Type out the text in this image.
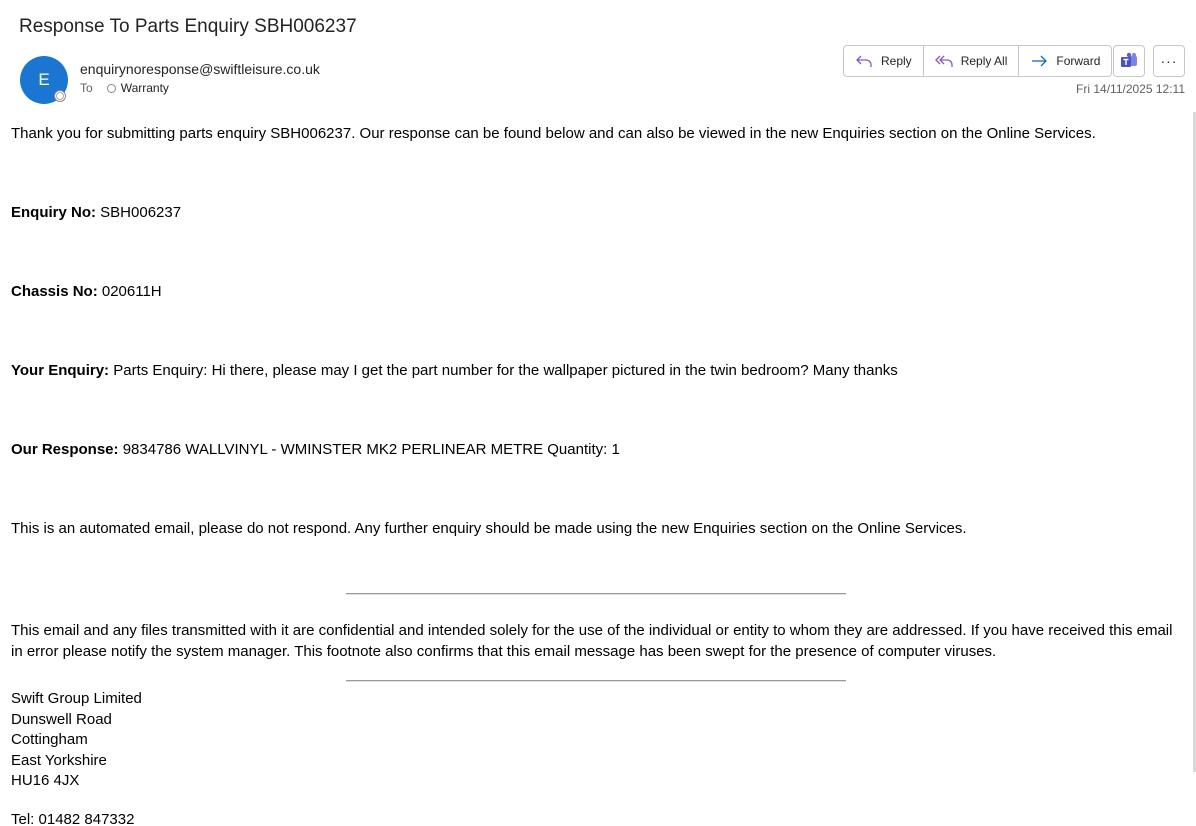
Response To Parts Enquiry SBH006237
E
enquirynoresponse@swiftleisure.co.uk
To Warranty
Reply	Reply All	Forward	···
Fri 14/11/2025 12:11

Thank you for submitting parts enquiry SBH006237. Our response can be found below and can also be viewed in the new Enquiries section on the Online Services.

Enquiry No: SBH006237

Chassis No: 020611H

Your Enquiry: Parts Enquiry: Hi there, please may I get the part number for the wallpaper pictured in the twin bedroom? Many thanks

Our Response: 9834786 WALLVINYL - WMINSTER MK2 PERLINEAR METRE Quantity: 1

This is an automated email, please do not respond. Any further enquiry should be made using the new Enquiries section on the Online Services.

This email and any files transmitted with it are confidential and intended solely for the use of the individual or entity to whom they are addressed. If you have received this email in error please notify the system manager. This footnote also confirms that this email message has been swept for the presence of computer viruses.

Swift Group Limited

Dunswell Road

Cottingham

East Yorkshire

HU16 4JX

Tel: 01482 847332
